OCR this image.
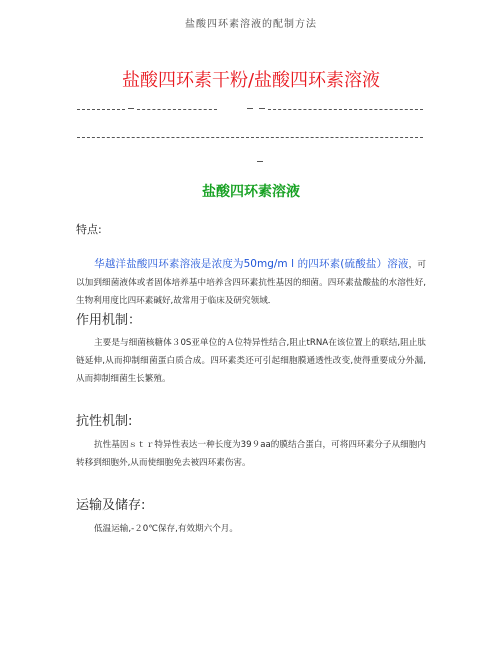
盐酸四环素溶液的配制方法
盐酸四环素干粉/盐酸四环素溶液
盐酸四环素溶液
特点:
华越洋盐酸四环素溶液是浓度为50mg/m l 的四环素(硫酸盐）溶液，可以加到细菌液体或者固体培养基中培养含四环素抗性基因的细菌。四环素盐酸盐的水溶性好,生物利用度比四环素碱好,故常用于临床及研究领域．
作用机制：
主要是与细菌核糖体３0S亚单位的Ａ位特异性结合,阻止tRNA在该位置上的联结,阻止肽链延伸,从而抑制细菌蛋白质合成。四环素类还可引起细胞膜通透性改变,使得重要成分外漏,从而抑制细菌生长繁殖。
抗性机制:
抗性基因ｓｔｒ特异性表达一种长度为39９aa的膜结合蛋白，可将四环素分子从细胞内转移到细胞外,从而使细胞免去被四环素伤害。
运输及储存:
低温运输,-２0℃保存,有效期六个月。
